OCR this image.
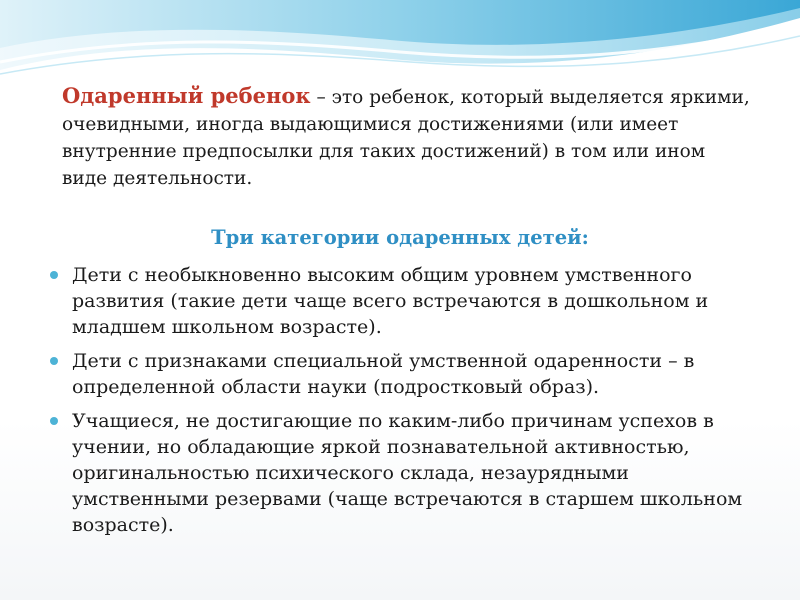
Одаренный ребенок – это ребенок, который выделяется яркими, очевидными, иногда выдающимися достижениями (или имеет внутренние предпосылки для таких достижений) в том или ином виде деятельности.
Три категории одаренных детей:
Дети с необыкновенно высоким общим уровнем умственного развития (такие дети чаще всего встречаются в дошкольном и младшем школьном возрасте).
Дети с признаками специальной умственной одаренности – в определенной области науки (подростковый образ).
Учащиеся, не достигающие по каким-либо причинам успехов в учении, но обладающие яркой познавательной активностью, оригинальностью психического склада, незаурядными умственными резервами (чаще встречаются в старшем школьном возрасте).
